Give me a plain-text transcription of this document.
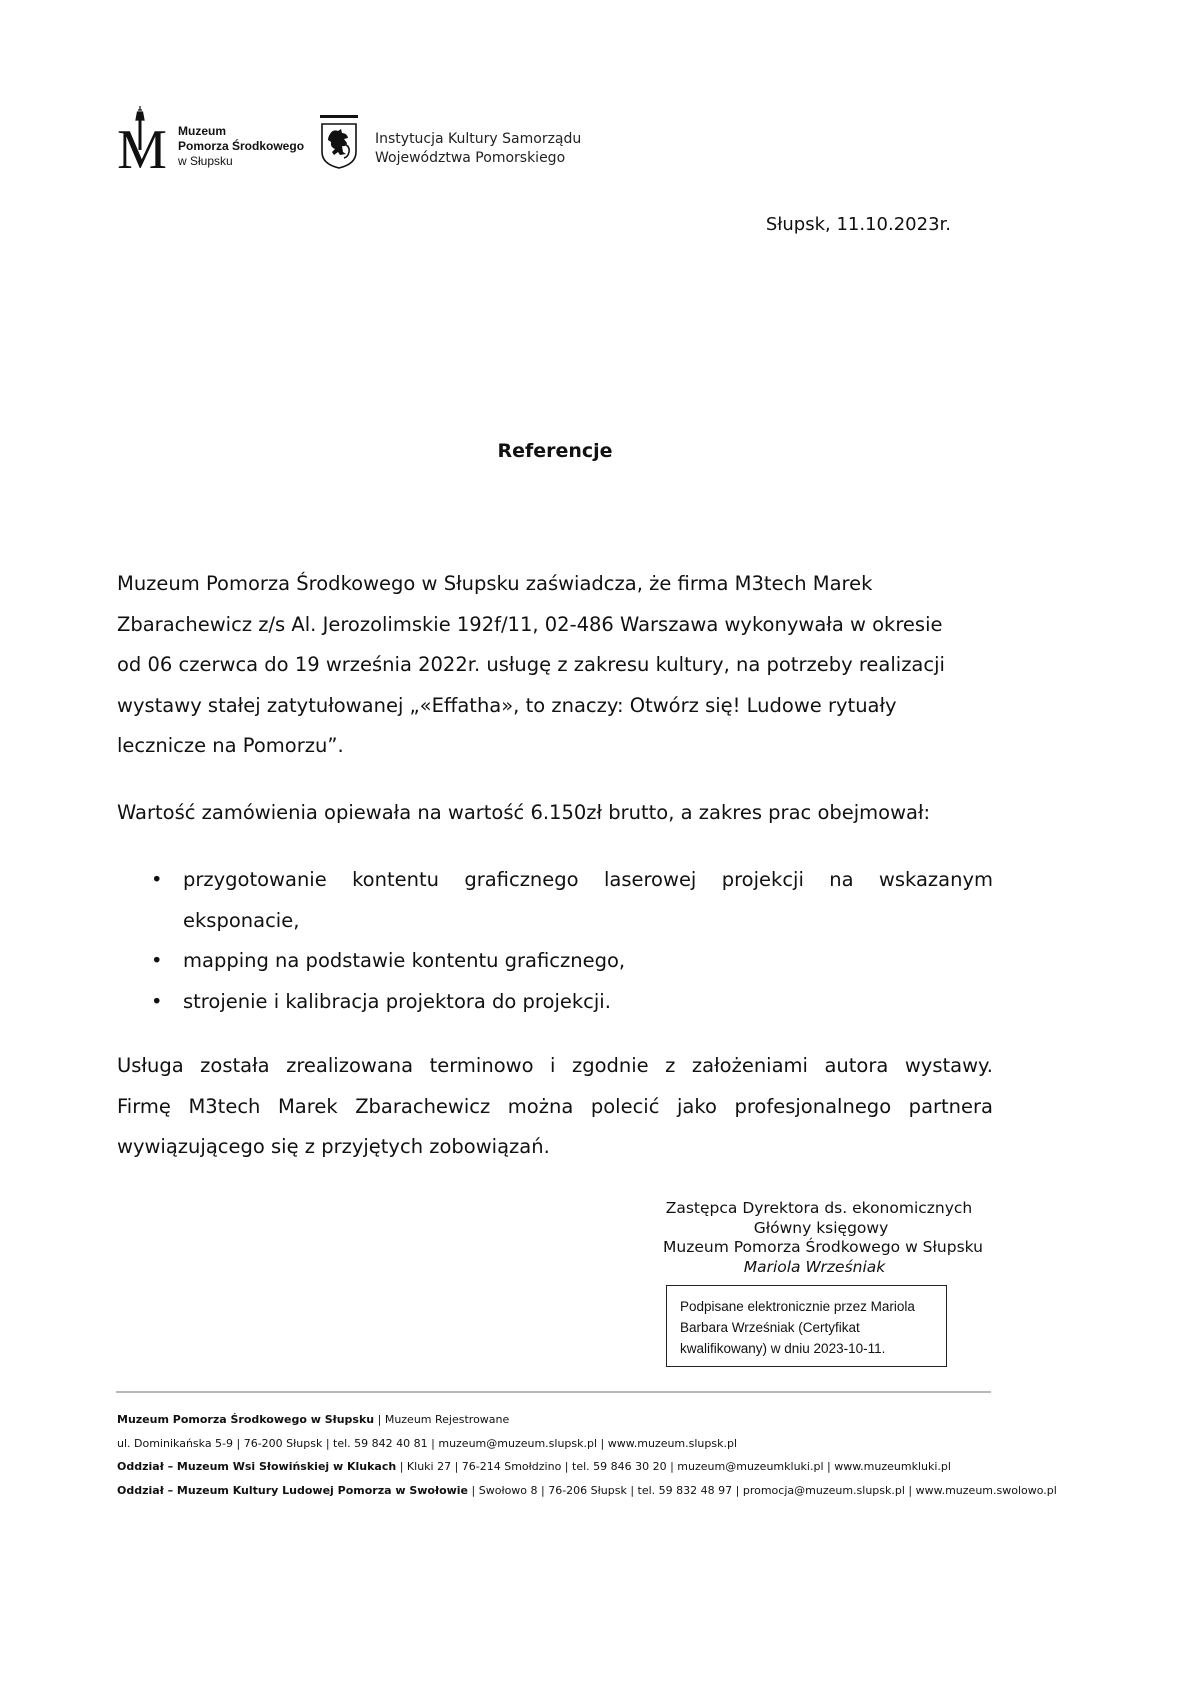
M Muzeum
Pomorza Środkowego
w Słupsku
Instytucja Kultury Samorządu
Województwa Pomorskiego
Słupsk, 11.10.2023r.
Referencje
Muzeum Pomorza Środkowego w Słupsku zaświadcza, że firma M3tech Marek
Zbarachewicz z/s Al. Jerozolimskie 192f/11, 02-486 Warszawa wykonywała w okresie
od 06 czerwca do 19 września 2022r. usługę z zakresu kultury, na potrzeby realizacji
wystawy stałej zatytułowanej „«Effatha», to znaczy: Otwórz się! Ludowe rytuały
lecznicze na Pomorzu”.
Wartość zamówienia opiewała na wartość 6.150zł brutto, a zakres prac obejmował:
• przygotowanie kontentu graficznego laserowej projekcji na wskazanym
eksponacie,
• mapping na podstawie kontentu graficznego,
• strojenie i kalibracja projektora do projekcji.
Usługa została zrealizowana terminowo i zgodnie z założeniami autora wystawy.
Firmę M3tech Marek Zbarachewicz można polecić jako profesjonalnego partnera
wywiązującego się z przyjętych zobowiązań.
Zastępca Dyrektora ds. ekonomicznych
Główny księgowy
Muzeum Pomorza Środkowego w Słupsku
Mariola Wrześniak
Podpisane elektronicznie przez Mariola
Barbara Wrześniak (Certyfikat
kwalifikowany) w dniu 2023-10-11.
Muzeum Pomorza Środkowego w Słupsku | Muzeum Rejestrowane
ul. Dominikańska 5-9 | 76-200 Słupsk | tel. 59 842 40 81 | muzeum@muzeum.slupsk.pl | www.muzeum.slupsk.pl
Oddział – Muzeum Wsi Słowińskiej w Klukach | Kluki 27 | 76-214 Smołdzino | tel. 59 846 30 20 | muzeum@muzeumkluki.pl | www.muzeumkluki.pl
Oddział – Muzeum Kultury Ludowej Pomorza w Swołowie | Swołowo 8 | 76-206 Słupsk | tel. 59 832 48 97 | promocja@muzeum.slupsk.pl | www.muzeum.swolowo.pl
